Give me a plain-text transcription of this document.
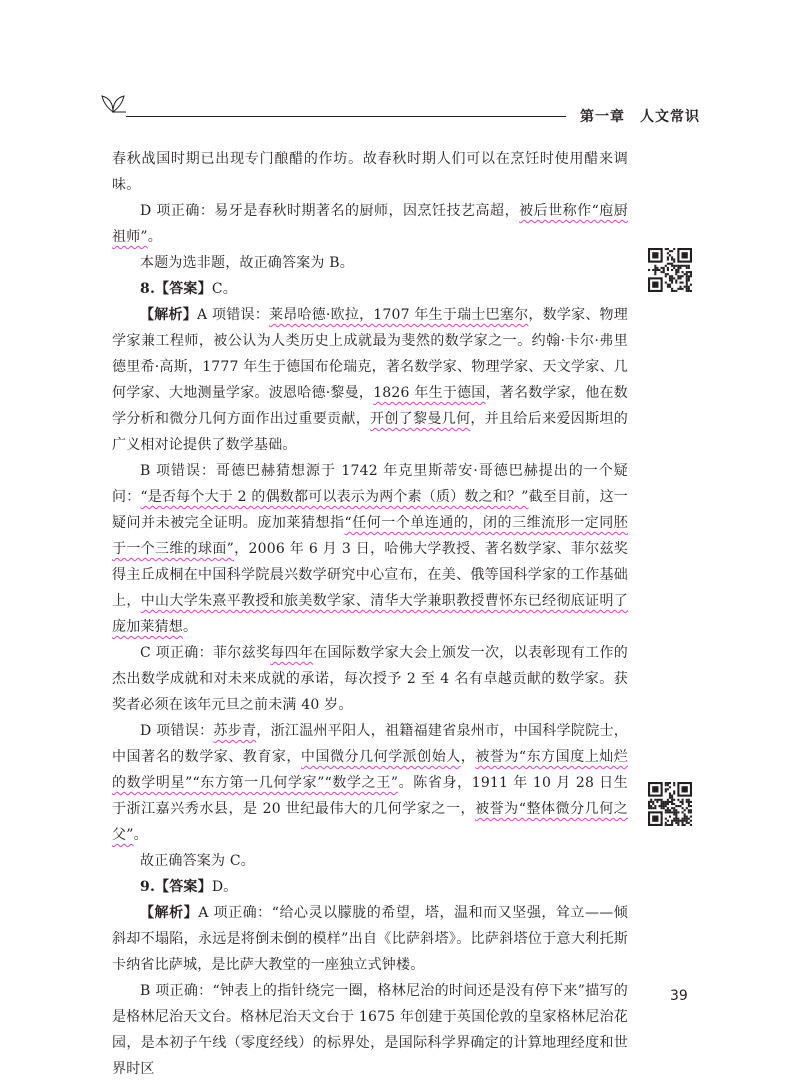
第一章　人文常识

春秋战国时期已出现专门酿醋的作坊。故春秋时期人们可以在烹饪时使用醋来调味。

D 项正确：易牙是春秋时期著名的厨师，因烹饪技艺高超，被后世称作“庖厨祖师”。

本题为选非题，故正确答案为 B。

8.【答案】C。

【解析】A 项错误：莱昂哈德·欧拉，1707 年生于瑞士巴塞尔，数学家、物理学家兼工程师，被公认为人类历史上成就最为斐然的数学家之一。约翰·卡尔·弗里德里希·高斯，1777 年生于德国布伦瑞克，著名数学家、物理学家、天文学家、几何学家、大地测量学家。波恩哈德·黎曼，1826 年生于德国，著名数学家，他在数学分析和微分几何方面作出过重要贡献，开创了黎曼几何，并且给后来爱因斯坦的广义相对论提供了数学基础。

B 项错误：哥德巴赫猜想源于 1742 年克里斯蒂安·哥德巴赫提出的一个疑问：“是否每个大于 2 的偶数都可以表示为两个素（质）数之和？”截至目前，这一疑问并未被完全证明。庞加莱猜想指“任何一个单连通的，闭的三维流形一定同胚于一个三维的球面”，2006 年 6 月 3 日，哈佛大学教授、著名数学家、菲尔兹奖得主丘成桐在中国科学院晨兴数学研究中心宣布，在美、俄等国科学家的工作基础上，中山大学朱熹平教授和旅美数学家、清华大学兼职教授曹怀东已经彻底证明了庞加莱猜想。

C 项正确：菲尔兹奖每四年在国际数学家大会上颁发一次，以表彰现有工作的杰出数学成就和对未来成就的承诺，每次授予 2 至 4 名有卓越贡献的数学家。获奖者必须在该年元旦之前未满 40 岁。

D 项错误：苏步青，浙江温州平阳人，祖籍福建省泉州市，中国科学院院士，中国著名的数学家、教育家，中国微分几何学派创始人，被誉为“东方国度上灿烂的数学明星”“东方第一几何学家”“数学之王”。陈省身，1911 年 10 月 28 日生于浙江嘉兴秀水县，是 20 世纪最伟大的几何学家之一，被誉为“整体微分几何之父”。

故正确答案为 C。

9.【答案】D。

【解析】A 项正确：“给心灵以朦胧的希望，塔，温和而又坚强，耸立——倾斜却不塌陷，永远是将倒未倒的模样”出自《比萨斜塔》。比萨斜塔位于意大利托斯卡纳省比萨城，是比萨大教堂的一座独立式钟楼。

B 项正确：“钟表上的指针绕完一圈，格林尼治的时间还是没有停下来”描写的是格林尼治天文台。格林尼治天文台于 1675 年创建于英国伦敦的皇家格林尼治花园，是本初子午线（零度经线）的标界处，是国际科学界确定的计算地理经度和世界时区

39
